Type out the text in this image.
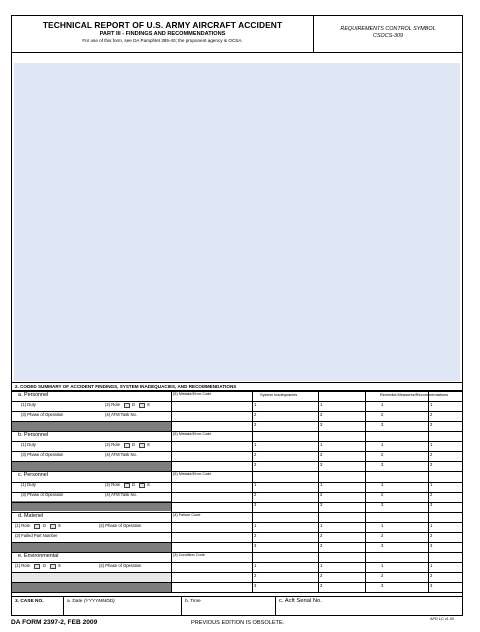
TECHNICAL REPORT OF U.S. ARMY AIRCRAFT ACCIDENT
PART III - FINDINGS AND RECOMMENDATIONS
For use of this form, see DA Pamphlet 385-40; the proponent agency is OCSA.
REQUIREMENTS CONTROL SYMBOL
CSOCS-309
2. CODED SUMMARY OF ACCIDENT FINDINGS, SYSTEM INADEQUACIES, AND RECOMMENDATIONS
a. Personnel	(5) Mistake/Error Code	System Inadequacies	Remedial Measures/Recommendations
1	1	1	1
2	2	2	2
3	3	3	3
(1) Duty	(2) Role	D	S
(3) Phase of Operation	(4) ATM Task No.
b. Personnel	(5) Mistake/Error Code
1	1	1	1
2	2	2	2
3	3	3	3
(1) Duty	(2) Role	D	S
(3) Phase of Operation	(4) ATM Task No.
c. Personnel	(5) Mistake/Error Code
1	1	1	1
2	2	2	2
3	3	3	3
(1) Duty	(2) Role	D	S
(3) Phase of Operation	(4) ATM Task No.
d. Materiel	(4) Failure Code
1	1	1	1
2	2	2	2
3	3	3	3
(1) Role	D	S	(2) Phase of Operation
(3) Failed Part Number
e. Environmental	(3) Condition Code
1	1	1	1
2	2	2	2
3	3	3	3
(1) Role	D	S	(2) Phase of Operation
3. CASE NO.	a. Date (YYYYMMDD)	b. Time	c. Acft Serial No.
DA FORM 2397-2, FEB 2009	PREVIOUS EDITION IS OBSOLETE.
APD LC v1.00
